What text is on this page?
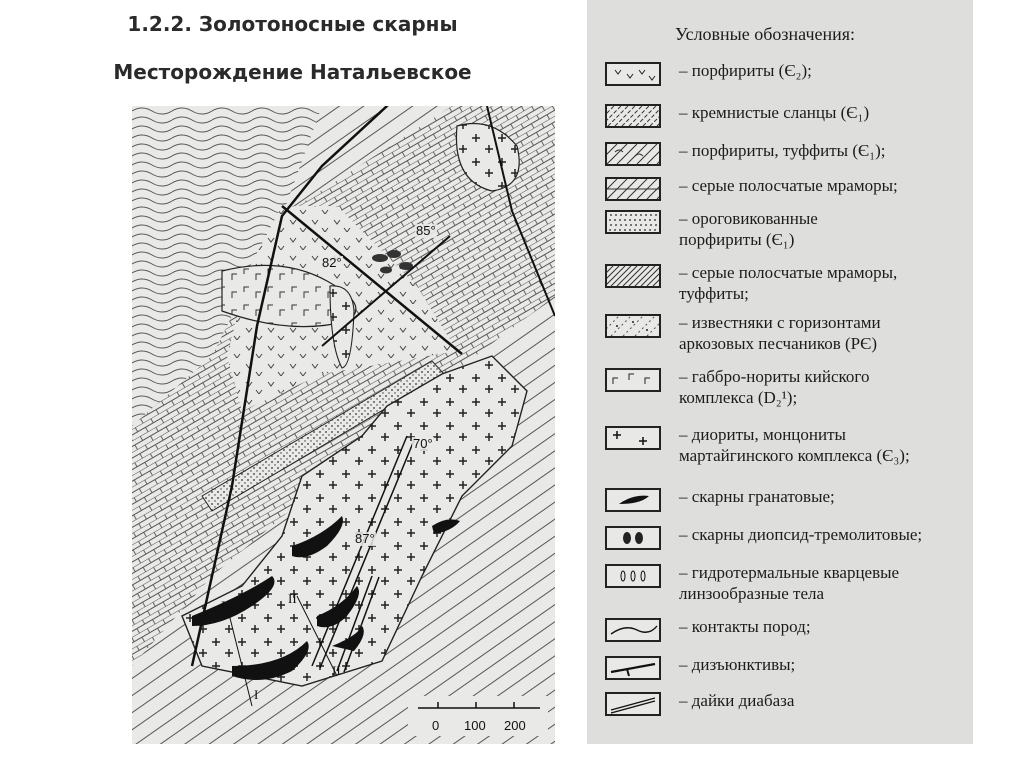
1.2.2. Золотоносные скарны
Месторождение Натальевское
85°
82°
70°
87°
I	II
I
II
0 100 200
Условные обозначения:
– порфириты (Є₂);
– кремнистые сланцы (Є₁)
– порфириты, туффиты (Є₁);
– серые полосчатые мраморы;
– ороговикованные
порфириты (Є₁)
– серые полосчатые мраморы,
туффиты;
– известняки с горизонтами
аркозовых песчаников (РЄ)
– габбро-нориты кийского
комплекса (D₂¹);
– диориты, монцониты
мартайгинского комплекса (Є₃);
– скарны гранатовые;
– скарны диопсид-тремолитовые;
– гидротермальные кварцевые
линзообразные тела
– контакты пород;
– дизъюнктивы;
– дайки диабаза
